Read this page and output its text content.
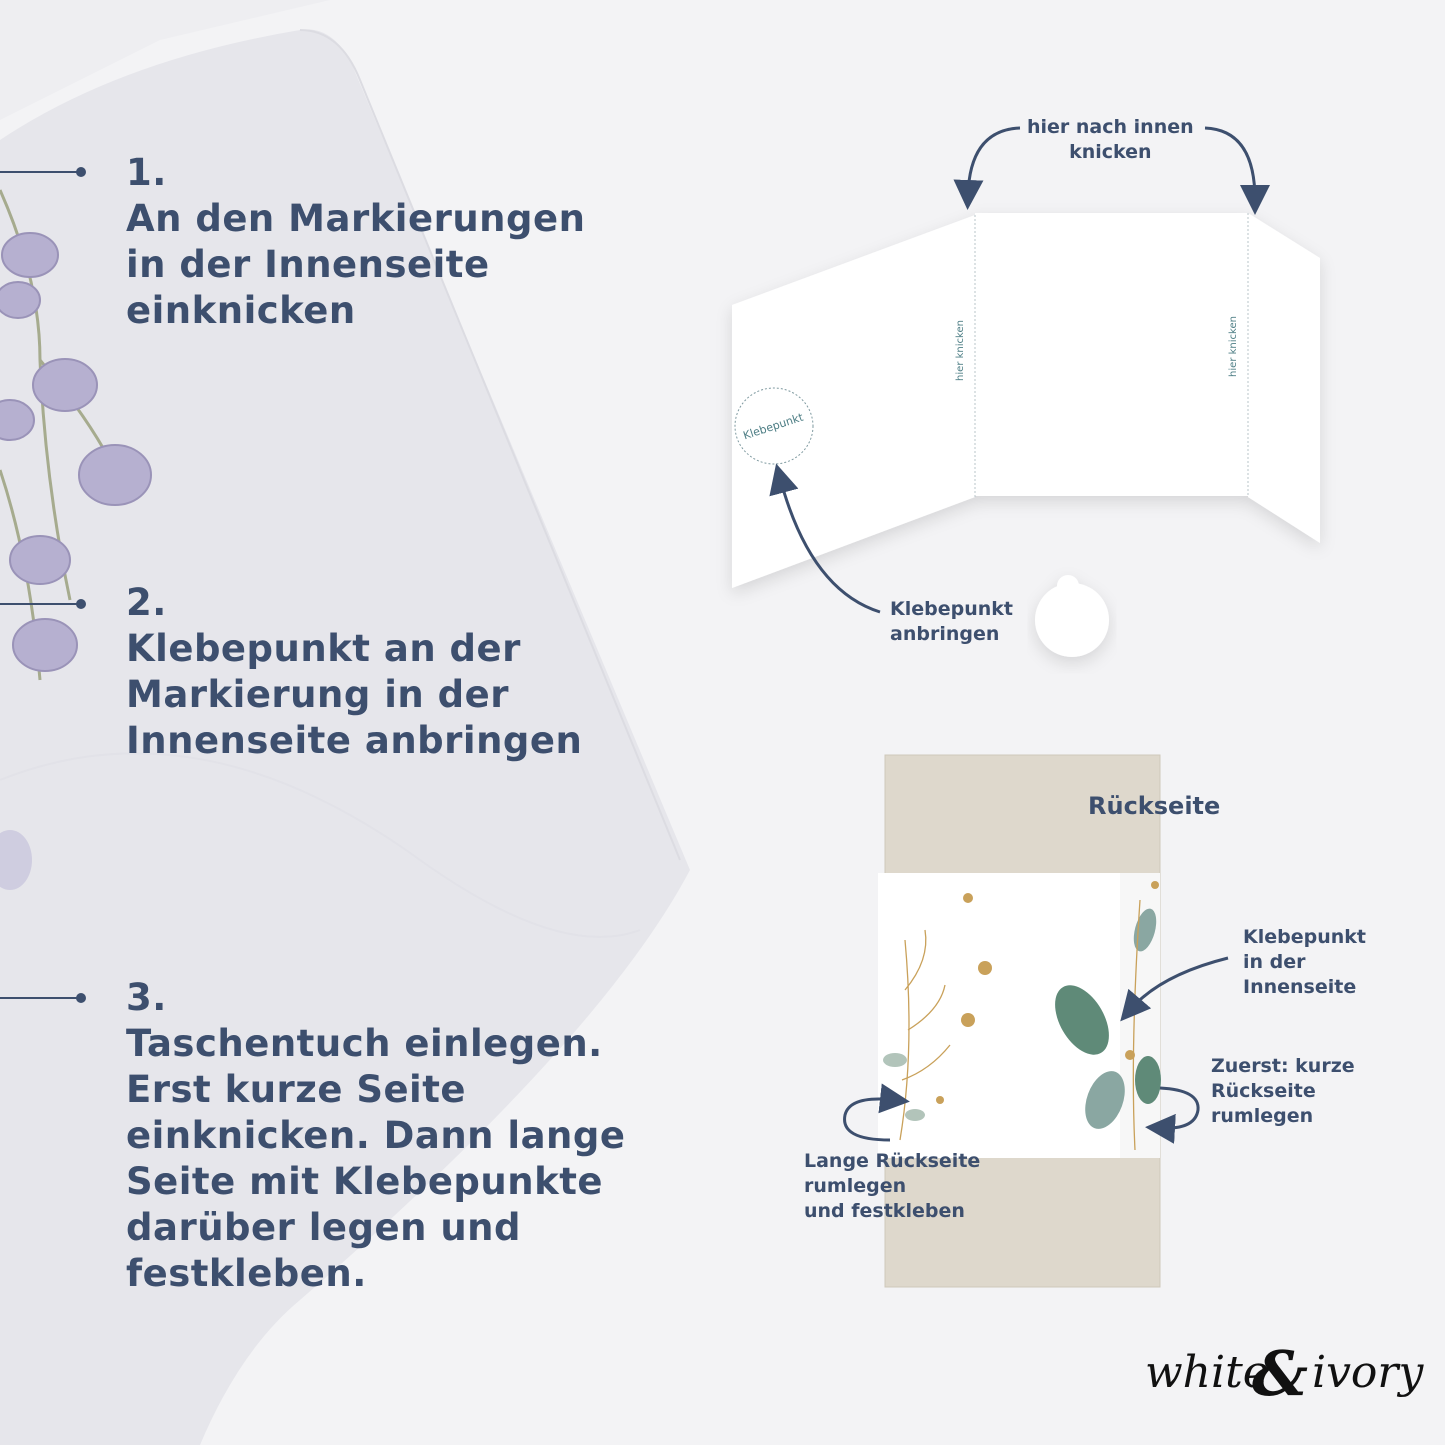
1.
An den Markierungen
in der Innenseite
einknicken
2.
Klebepunkt an der
Markierung in der
Innenseite anbringen
3.
Taschentuch einlegen.
Erst kurze Seite
einknicken. Dann lange
Seite mit Klebepunkte
darüber legen und
festkleben.

hier nach innen
knicken

hier knicken	hier knicken
Klebepunkt

Klebepunkt
anbringen

Rückseite

Klebepunkt
in der
Innenseite

Zuerst: kurze
Rückseite
rumlegen

Lange Rückseite
rumlegen
und festkleben

white
& ivory
